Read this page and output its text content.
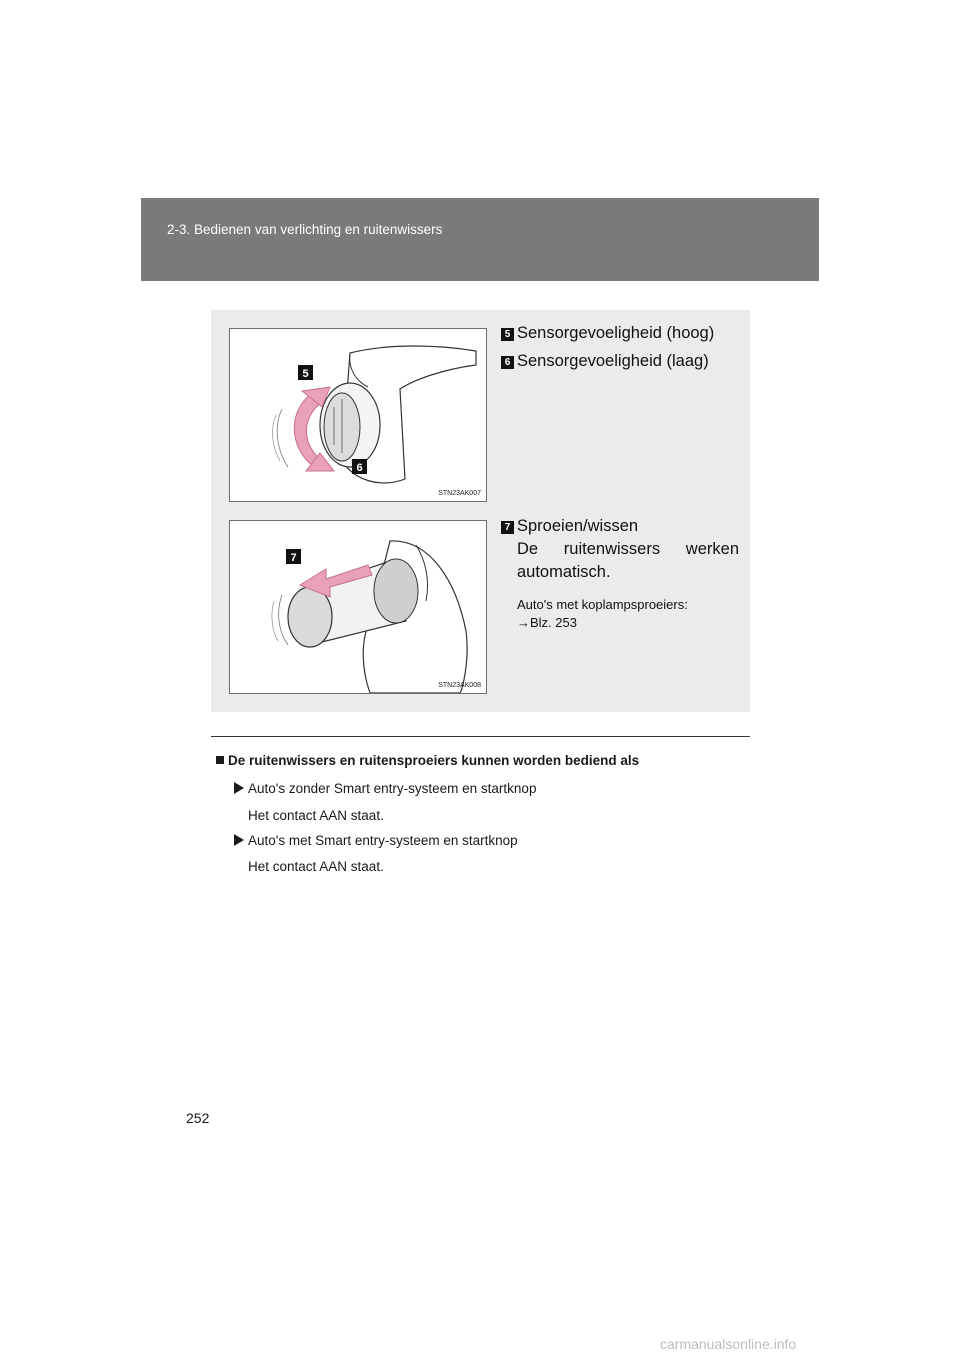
2-3. Bedienen van verlichting en ruitenwissers
5
6
STN23AK007
7
STN23AK008
5 Sensorgevoeligheid (hoog)
6 Sensorgevoeligheid (laag)
7 Sproeien/wissen
De ruitenwissers werken automatisch.
Auto's met koplampsproeiers:
→Blz. 253
De ruitenwissers en ruitensproeiers kunnen worden bediend als
Auto's zonder Smart entry-systeem en startknop
Het contact AAN staat.
Auto's met Smart entry-systeem en startknop
Het contact AAN staat.
252
carmanualsonline.info
